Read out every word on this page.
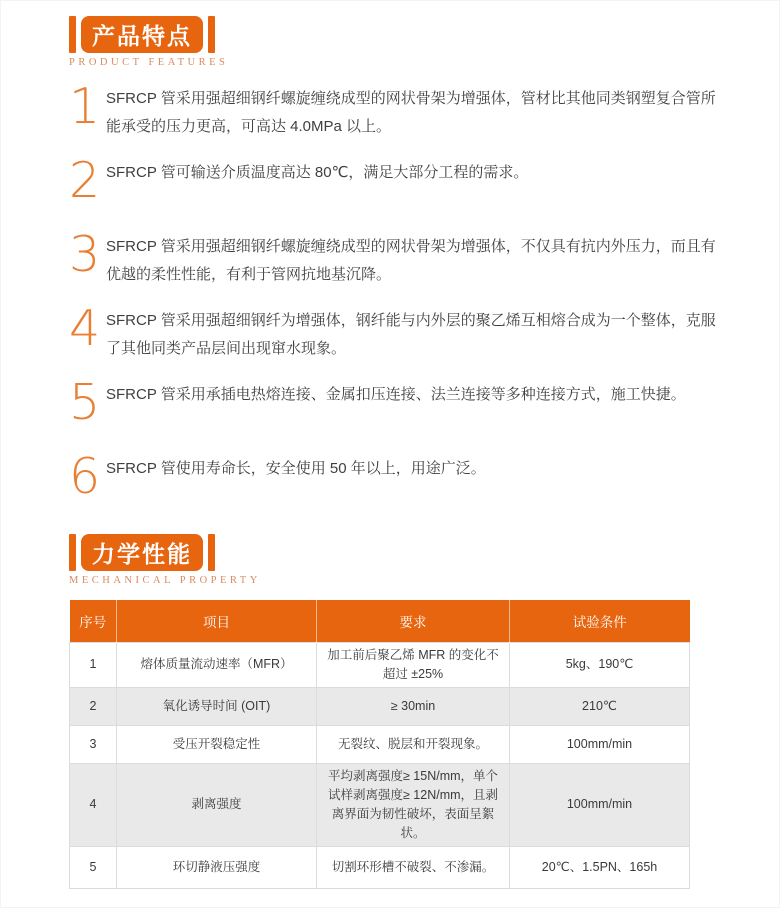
产品特点
PRODUCT FEATURES
1 SFRCP 管采用强超细钢纤螺旋缠绕成型的网状骨架为增强体，管材比其他同类钢塑复合管所能承受的压力更高，可高达 4.0MPa 以上。

2 SFRCP 管可输送介质温度高达 80℃，满足大部分工程的需求。

3 SFRCP 管采用强超细钢纤螺旋缠绕成型的网状骨架为增强体，不仅具有抗内外压力，而且有优越的柔性性能，有利于管网抗地基沉降。

4 SFRCP 管采用强超细钢纤为增强体，钢纤能与内外层的聚乙烯互相熔合成为一个整体，克服了其他同类产品层间出现窜水现象。

5 SFRCP 管采用承插电热熔连接、金属扣压连接、法兰连接等多种连接方式，施工快捷。

6 SFRCP 管使用寿命长，安全使用 50 年以上，用途广泛。

力学性能
MECHANICAL PROPERTY
序号	项目	要求	试验条件
1	熔体质量流动速率（MFR）	加工前后聚乙烯 MFR 的变化不超过 ±25%	5kg、190℃
2	氧化诱导时间 (OIT)	≥ 30min	210℃
3	受压开裂稳定性	无裂纹、脱层和开裂现象。	100mm/min
4	剥离强度	平均剥离强度≥ 15N/mm，单个试样剥离强度≥ 12N/mm，且剥离界面为韧性破坏，表面呈絮状。	100mm/min
5	环切静液压强度	切割环形槽不破裂、不渗漏。	20℃、1.5PN、165h
